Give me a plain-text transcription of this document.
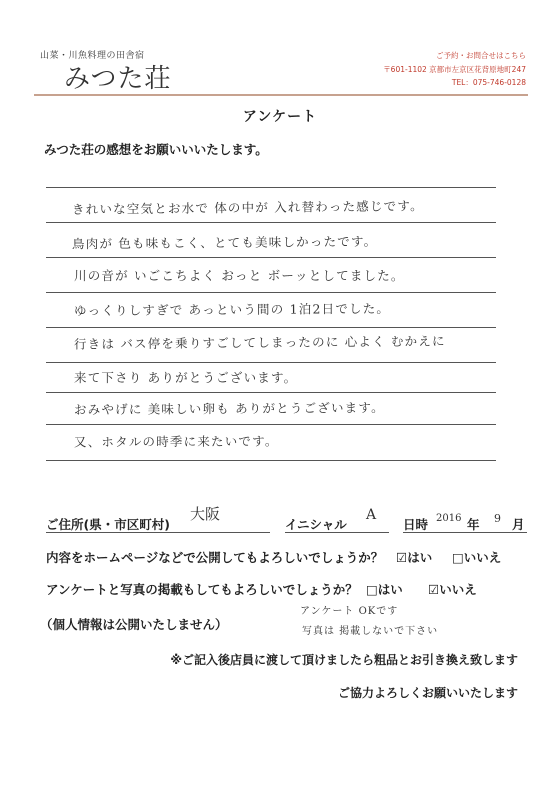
山菜・川魚料理の田舎宿
みつた荘
ご予約・お問合せはこちら
〒601-1102 京都市左京区花背原地町247
TEL：075-746-0128
アンケート
みつた荘の感想をお願いいいたします。
きれいな空気とお水で 体の中が 入れ替わった感じです。
鳥肉が 色も味もこく、とても美味しかったです。
川の音が いごこちよく おっと ボーッとしてました。
ゆっくりしすぎで あっという間の 1泊2日でした。
行きは バス停を乗りすごしてしまったのに 心よく むかえに
来て下さり ありがとうございます。
おみやげに 美味しい卵も ありがとうございます。
又、ホタルの時季に来たいです。
ご住所(県・市区町村)
大阪
イニシャル
A
日時 2016 年 9 月
内容をホームページなどで公開してもよろしいでしょうか？ ☑はい □いいえ
アンケートと写真の掲載もしてもよろしいでしょうか？ □はい ☑いいえ
アンケート OKです
（個人情報は公開いたしません）	写真は 掲載しないで下さい
※ご記入後店員に渡して頂けましたら粗品とお引き換え致します
ご協力よろしくお願いいたします
